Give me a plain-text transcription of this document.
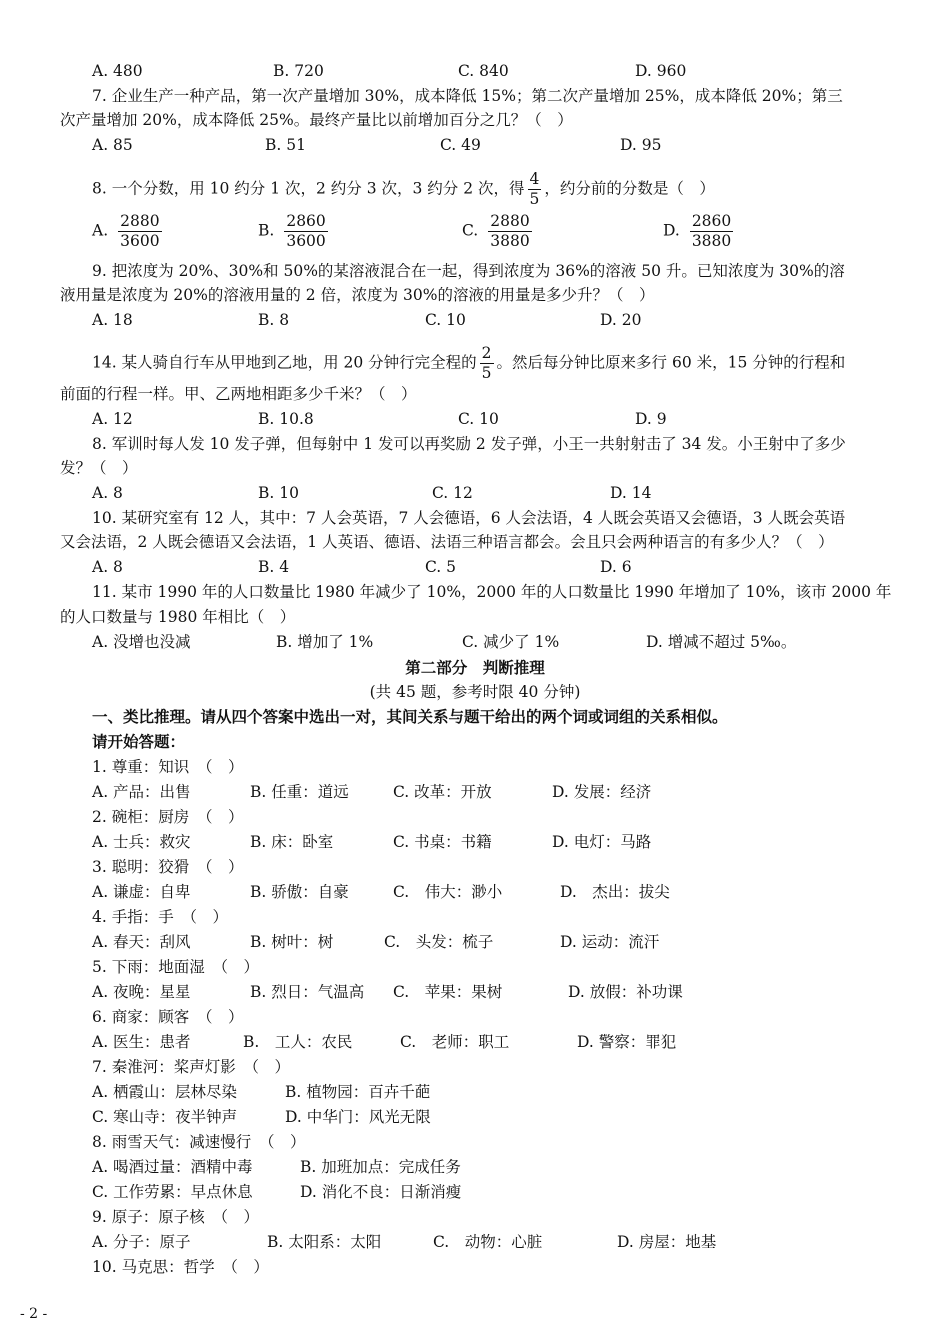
A. 480	B. 720	C. 840	D. 960
7. 企业生产一种产品，第一次产量增加 30%，成本降低 15%；第二次产量增加 25%，成本降低 20%；第三
次产量增加 20%，成本降低 25%。最终产量比以前增加百分之几？（　）
A. 85	B. 51	C. 49	D. 95
8. 一个分数，用 10 约分 1 次，2 约分 3 次，3 约分 2 次，得 $\frac{4}{5}$ ，约分前的分数是（　）
A. $\frac{2880}{3600}$	B. $\frac{2860}{3600}$	C. $\frac{2880}{3880}$	D. $\frac{2860}{3880}$
9. 把浓度为 20%、30%和 50%的某溶液混合在一起，得到浓度为 36%的溶液 50 升。已知浓度为 30%的溶
液用量是浓度为 20%的溶液用量的 2 倍，浓度为 30%的溶液的用量是多少升？（　）
A. 18	B. 8	C. 10	D. 20
14. 某人骑自行车从甲地到乙地，用 20 分钟行完全程的 $\frac{2}{5}$ 。然后每分钟比原来多行 60 米，15 分钟的行程和
前面的行程一样。甲、乙两地相距多少千米？（　）
A. 12	B. 10.8	C. 10	D. 9
8. 军训时每人发 10 发子弹，但每射中 1 发可以再奖励 2 发子弹，小王一共射射击了 34 发。小王射中了多少
发？（　）
A. 8	B. 10	C. 12	D. 14
10. 某研究室有 12 人，其中：7 人会英语，7 人会德语，6 人会法语，4 人既会英语又会德语，3 人既会英语
又会法语，2 人既会德语又会法语，1 人英语、德语、法语三种语言都会。会且只会两种语言的有多少人？（　）
A. 8	B. 4	C. 5	D. 6
11. 某市 1990 年的人口数量比 1980 年减少了 10%，2000 年的人口数量比 1990 年增加了 10%，该市 2000 年
的人口数量与 1980 年相比（　）
A. 没增也没减	B. 增加了 1%	C. 减少了 1%	D. 增减不超过 5‰。
第二部分　判断推理
(共 45 题，参考时限 40 分钟)
一、类比推理。请从四个答案中选出一对，其间关系与题干给出的两个词或词组的关系相似。
请开始答题：
1. 尊重：知识　（　）
A. 产品：出售	B. 任重：道远	C. 改革：开放	D. 发展：经济
2. 碗柜：厨房　（　）
A. 士兵：救灾	B. 床：卧室	C. 书桌：书籍	D. 电灯：马路
3. 聪明：狡猾　（　）
A. 谦虚：自卑	B. 骄傲：自豪	C.　伟大：渺小	D.　杰出：拔尖
4. 手指：手　（　）
A. 春天：刮风	B. 树叶：树	C.　头发：梳子	D. 运动：流汗
5. 下雨：地面湿　（　）
A. 夜晚：星星	B. 烈日：气温高 C.　苹果：果树	D. 放假：补功课
6. 商家：顾客　（　）
A. 医生：患者	B.　工人：农民	C.　老师：职工	D. 警察：罪犯
7. 秦淮河：桨声灯影　（　）
A. 栖霞山：层林尽染	B. 植物园：百卉千葩
C. 寒山寺：夜半钟声	D. 中华门：风光无限
8. 雨雪天气：减速慢行　（　）
A. 喝酒过量：酒精中毒	B. 加班加点：完成任务
C. 工作劳累：早点休息	D. 消化不良：日渐消瘦
9. 原子：原子核　（　）
A. 分子：原子	B. 太阳系：太阳	C.　动物：心脏	D. 房屋：地基
10. 马克思：哲学　（　）
- 2 -
